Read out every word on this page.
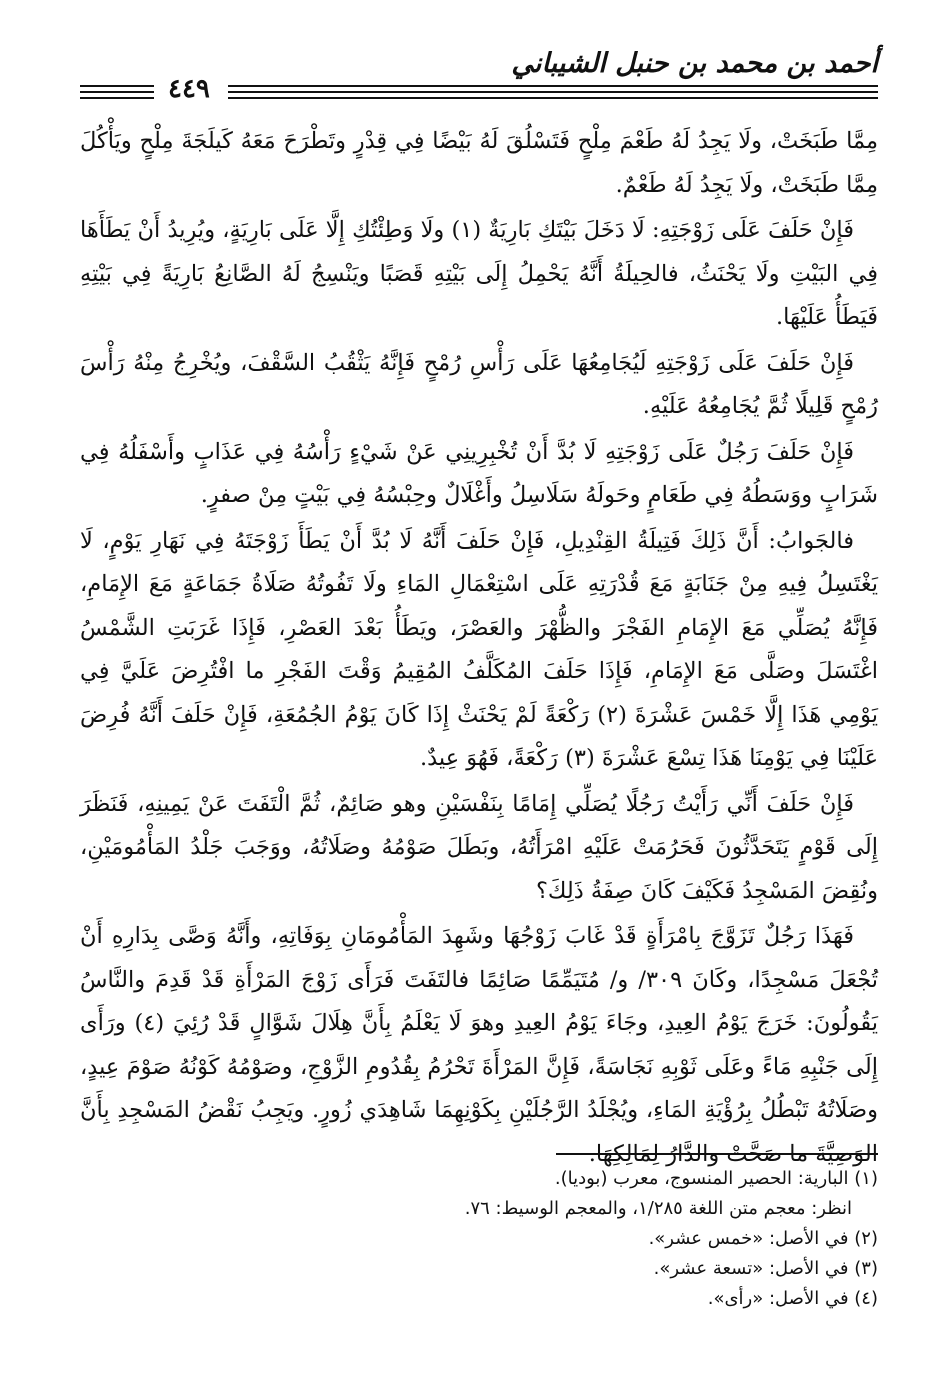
أحمد بن محمد بن حنبل الشيباني
٤٤٩

مِمَّا طَبَخَتْ، ولَا يَجِدُ لَهُ طَعْمَ مِلْحٍ فَتَسْلُقَ لَهُ بَيْضًا فِي قِدْرٍ وتَطْرَحَ مَعَهُ كَيلَجَةَ مِلْحٍ ويَأْكُلَ مِمَّا طَبَخَتْ، ولَا يَجِدُ لَهُ طَعْمٌ.

فَإِنْ حَلَفَ عَلَى زَوْجَتِهِ: لَا دَخَلَ بَيْتَكِ بَارِيَةٌ (١) ولَا وَطِئْتُكِ إِلَّا عَلَى بَارِيَةٍ، ويُرِيدُ أَنْ يَطَأَهَا فِي البَيْتِ ولَا يَحْنَثُ، فالحِيلَةُ أَنَّهُ يَحْمِلُ إِلَى بَيْتِهِ قَصَبًا ويَنْسِجُ لَهُ الصَّانِعُ بَارِيَةً فِي بَيْتِهِ فَيَطَأُ عَلَيْهَا.

فَإِنْ حَلَفَ عَلَى زَوْجَتِهِ لَيُجَامِعُهَا عَلَى رَأْسِ رُمْحٍ فَإِنَّهُ يَثْقُبُ السَّقْفَ، ويُخْرِجُ مِنْهُ رَأْسَ رُمْحٍ قَلِيلًا ثُمَّ يُجَامِعُهُ عَلَيْهِ.

فَإِنْ حَلَفَ رَجُلٌ عَلَى زَوْجَتِهِ لَا بُدَّ أَنْ تُخْبِرِينِي عَنْ شَيْءٍ رَأْسُهُ فِي عَذَابٍ وأَسْفَلُهُ فِي شَرَابٍ ووَسَطُهُ فِي طَعَامٍ وحَولَهُ سَلَاسِلُ وأَغْلَالٌ وحِبْسُهُ فِي بَيْتٍ مِنْ صفرٍ.

فالجَوابُ: أَنَّ ذَلِكَ فَتِيلَةُ القِنْدِيلِ، فَإِنْ حَلَفَ أَنَّهُ لَا بُدَّ أَنْ يَطَأَ زَوْجَتَهُ فِي نَهَارِ يَوْمٍ، لَا يَغْتَسِلُ فِيهِ مِنْ جَنَابَةٍ مَعَ قُدْرَتِهِ عَلَى اسْتِعْمَالِ المَاءِ ولَا تَفُوتُهُ صَلَاةُ جَمَاعَةٍ مَعَ الإِمَامِ، فَإِنَّهُ يُصَلِّي مَعَ الإِمَامِ الفَجْرَ والظُّهْرَ والعَصْرَ، ويَطَأُ بَعْدَ العَصْرِ، فَإِذَا غَرَبَتِ الشَّمْسُ اغْتَسَلَ وصَلَّى مَعَ الإِمَامِ، فَإِذَا حَلَفَ المُكَلَّفُ المُقِيمُ وَقْتَ الفَجْرِ ما افْتُرِضَ عَلَيَّ فِي يَوْمِي هَذَا إِلَّا خَمْسَ عَشْرَةَ (٢) رَكْعَةً لَمْ يَحْنَثْ إِذَا كَانَ يَوْمُ الجُمُعَةِ، فَإِنْ حَلَفَ أَنَّهُ فُرِضَ عَلَيْنَا فِي يَوْمِنَا هَذَا تِسْعَ عَشْرَةَ (٣) رَكْعَةً، فَهُوَ عِيدٌ.

فَإِنْ حَلَفَ أَنِّي رَأَيْتُ رَجُلًا يُصَلِّي إِمَامًا بِنَفْسَيْنِ وهو صَائِمٌ، ثُمَّ الْتَفَتَ عَنْ يَمِينِهِ، فَنَظَرَ إِلَى قَوْمٍ يَتَحَدَّثُونَ فَحَرُمَتْ عَلَيْهِ امْرَأَتُهُ، وبَطَلَ صَوْمُهُ وصَلَاتُهُ، ووَجَبَ جَلْدُ المَأْمُومَيْنِ، ونُقِضَ المَسْجِدُ فَكَيْفَ كَانَ صِفَةُ ذَلِكَ؟

فَهَذَا رَجُلٌ تَزَوَّجَ بِامْرَأَةٍ قَدْ غَابَ زَوْجُهَا وشَهِدَ المَأْمُومَانِ بِوَفَاتِهِ، وأَنَّهُ وَصَّى بِدَارِهِ أَنْ تُجْعَلَ مَسْجِدًا، وكَانَ ٣٠٩/ و/ مُتَيَمِّمًا صَائِمًا فالتَفَتَ فَرَأَى زَوْجَ المَرْأَةِ قَدْ قَدِمَ والنَّاسُ يَقُولُونَ: خَرَجَ يَوْمُ العِيدِ، وجَاءَ يَوْمُ العِيدِ وهوَ لَا يَعْلَمُ بِأَنَّ هِلَالَ شَوَّالٍ قَدْ رُئِيَ (٤) ورَأَى إِلَى جَنْبِهِ مَاءً وعَلَى ثَوْبِهِ نَجَاسَةً، فَإِنَّ المَرْأَةَ تَحْرُمُ بِقُدُومِ الزَّوْجِ، وصَوْمُهُ كَوْنُهُ صَوْمَ عِيدٍ، وصَلَاتُهُ تَبْطُلُ بِرُؤْيَةِ المَاءِ، ويُجْلَدُ الرَّجُلَيْنِ بِكَوْنِهِمَا شَاهِدَي زُورٍ. ويَجِبُ نَقْضُ المَسْجِدِ بِأَنَّ الوَصِيَّةَ ما صَحَّتْ والدَّارُ لِمَالِكِهَا.

(١) البارية: الحصير المنسوج، معرب (بوديا).

انظر: معجم متن اللغة ١/٢٨٥، والمعجم الوسيط: ٧٦.

(٢) في الأصل: «خمس عشر».

(٣) في الأصل: «تسعة عشر».

(٤) في الأصل: «رأى».
